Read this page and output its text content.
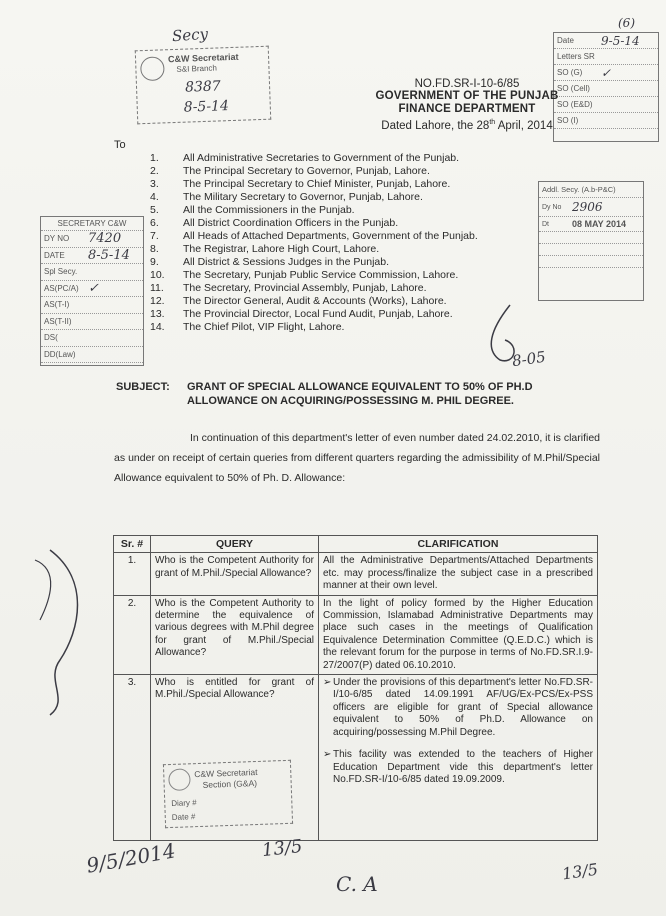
Secy
C&W Secretariat
S&I Branch
8387
8-5-14
(6)
Date	9-5-14
Letters SR
SO (G)	✓
SO (Cell)
SO (E&D)
SO (I)
NO.FD.SR-I-10-6/85
GOVERNMENT OF THE PUNJAB
FINANCE DEPARTMENT
Dated Lahore, the 28th April, 2014
To
1.	All Administrative Secretaries to Government of the Punjab.
2.	The Principal Secretary to Governor, Punjab, Lahore.
3.	The Principal Secretary to Chief Minister, Punjab, Lahore.
4.	The Military Secretary to Governor, Punjab, Lahore.
5.	All the Commissioners in the Punjab.
6.	All District Coordination Officers in the Punjab.
7.	All Heads of Attached Departments, Government of the Punjab.
8.	The Registrar, Lahore High Court, Lahore.
9.	All District & Sessions Judges in the Punjab.
10.	The Secretary, Punjab Public Service Commission, Lahore.
11.	The Secretary, Provincial Assembly, Punjab, Lahore.
12.	The Director General, Audit & Accounts (Works), Lahore.
13.	The Provincial Director, Local Fund Audit, Punjab, Lahore.
14.	The Chief Pilot, VIP Flight, Lahore.
SECRETARY C&W
DY NO	7420
DATE	8-5-14
Spl Secy.
AS(PC/A) ✓
AS(T-I)
AS(T-II)
DS(
DD(Law)
Addl. Secy. (A.b-P&C)
Dy No 2906
Dt	08 MAY 2014
8-05
SUBJECT: GRANT OF SPECIAL ALLOWANCE EQUIVALENT TO 50% OF PH.D
ALLOWANCE ON ACQUIRING/POSSESSING M. PHIL DEGREE.
In continuation of this department's letter of even number dated 24.02.2010, it is clarified as under on receipt of certain queries from different quarters regarding the admissibility of M.Phil/Special Allowance equivalent to 50% of Ph. D. Allowance:
Sr. #	QUERY	CLARIFICATION
1.	Who is the Competent Authority for grant of M.Phil./Special Allowance?	All the Administrative Departments/Attached Departments etc. may process/finalize the subject case in a prescribed manner at their own level.
2.	Who is the Competent Authority to determine the equivalence of various degrees with M.Phil degree for grant of M.Phil./Special Allowance?	In the light of policy formed by the Higher Education Commission, Islamabad Administrative Departments may place such cases in the meetings of Qualification Equivalence Determination Committee (Q.E.D.C.) which is the relevant forum for the purpose in terms of No.FD.SR.I.9-27/2007(P) dated 06.10.2010.
3.	Who is entitled for grant of M.Phil./Special Allowance?	➢ Under the provisions of this department's letter No.FD.SR-I/10-6/85 dated 14.09.1991 AF/UG/Ex-PCS/Ex-PSS officers are eligible for grant of Special allowance equivalent to 50% of Ph.D. Allowance on acquiring/possessing M.Phil Degree.
➢ This facility was extended to the teachers of Higher Education Department vide this department's letter No.FD.SR-I/10-6/85 dated 19.09.2009.
C&W Secretariat
Section (G&A)
Diary #
Date #
9/5/2014	13/5
C. A
13/5
